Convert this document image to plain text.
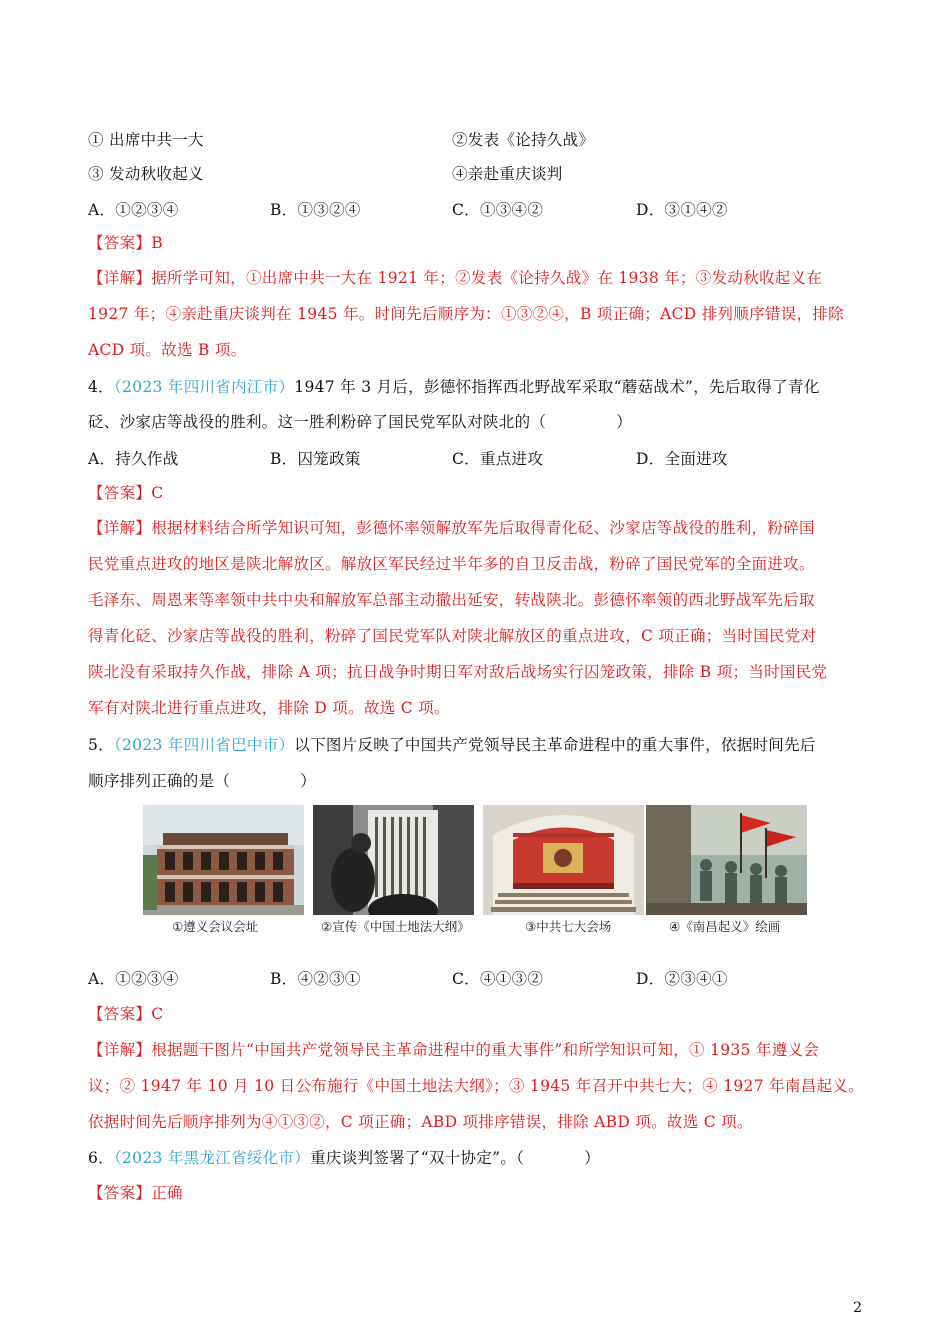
① 出席中共一大	②发表《论持久战》
③ 发动秋收起义	④亲赴重庆谈判
A．①②③④	B．①③②④	C．①③④②	D．③①④②
【答案】B
【详解】据所学可知，①出席中共一大在 1921 年；②发表《论持久战》在 1938 年；③发动秋收起义在
1927 年；④亲赴重庆谈判在 1945 年。时间先后顺序为：①③②④，B 项正确；ACD 排列顺序错误，排除
ACD 项。故选 B 项。
4．（2023 年四川省内江市）1947 年 3 月后，彭德怀指挥西北野战军采取“蘑菇战术”，先后取得了青化
砭、沙家店等战役的胜利。这一胜利粉碎了国民党军队对陕北的（	）
A．持久作战	B．囚笼政策	C．重点进攻	D．全面进攻
【答案】C
【详解】根据材料结合所学知识可知，彭德怀率领解放军先后取得青化砭、沙家店等战役的胜利，粉碎国
民党重点进攻的地区是陕北解放区。解放区军民经过半年多的自卫反击战，粉碎了国民党军的全面进攻。
毛泽东、周恩来等率领中共中央和解放军总部主动撤出延安，转战陕北。彭德怀率领的西北野战军先后取
得青化砭、沙家店等战役的胜利，粉碎了国民党军队对陕北解放区的重点进攻，C 项正确；当时国民党对
陕北没有采取持久作战，排除 A 项；抗日战争时期日军对敌后战场实行囚笼政策，排除 B 项；当时国民党
军有对陕北进行重点进攻，排除 D 项。故选 C 项。
5．（2023 年四川省巴中市）以下图片反映了中国共产党领导民主革命进程中的重大事件，依据时间先后
顺序排列正确的是（	）
①遵义会议会址	②宣传《中国土地法大纲》	③中共七大会场	④《南昌起义》绘画
A．①②③④	B．④②③①	C．④①③②	D．②③④①
【答案】C
【详解】根据题干图片“中国共产党领导民主革命进程中的重大事件”和所学知识可知，① 1935 年遵义会
议；② 1947 年 10 月 10 日公布施行《中国土地法大纲》；③ 1945 年召开中共七大；④ 1927 年南昌起义。
依据时间先后顺序排列为④①③②，C 项正确；ABD 项排序错误，排除 ABD 项。故选 C 项。
6．（2023 年黑龙江省绥化市）重庆谈判签署了“双十协定”。（	）
【答案】正确
2
